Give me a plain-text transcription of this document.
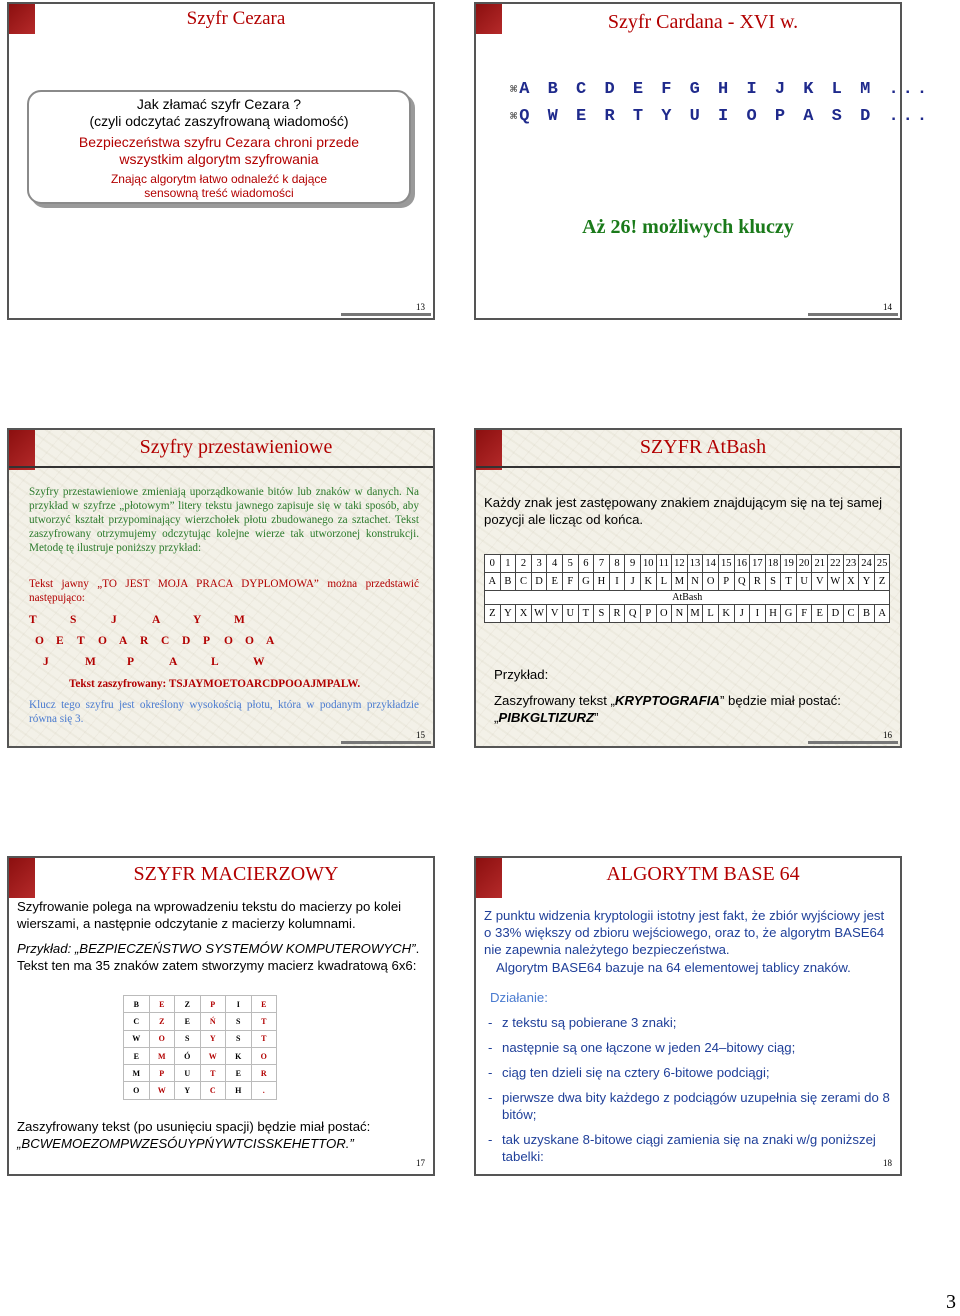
Szyfr Cezara
Jak złamać szyfr Cezara ?
(czyli odczytać zaszyfrowaną wiadomość)
Bezpieczeństwa szyfru Cezara chroni przede
wszystkim algorytm szyfrowania
Znając algorytm łatwo odnaleźć k dające
sensowną treść wiadomości
13
Szyfr Cardana - XVI w.
⌘ A B C D E F G H I J K L M ...
⌘ Q W E R T Y U I O P A S D ...
Aż 26! możliwych kluczy
14
Szyfry przestawieniowe
Szyfry przestawieniowe zmieniają uporządkowanie bitów lub znaków w danych. Na przykład w szyfrze „płotowym” litery tekstu jawnego zapisuje się w taki sposób, aby utworzyć kształt przypominający wierzchołek płotu zbudowanego za sztachet. Tekst zaszyfrowany otrzymujemy odczytując kolejne wierze tak utworzonej konstrukcji. Metodę tę ilustruje poniższy przykład:
Tekst jawny „TO JEST MOJA PRACA DYPLOMOWA” można przedstawić następująco:
T	S	J	A	Y	M
O E T O A R C D P O O A
J	M	P	A	L	W
Tekst zaszyfrowany: TSJAYMOETOARCDPOOAJMPALW.
Klucz tego szyfru jest określony wysokością płotu, która w podanym przykładzie równa się 3.
15
SZYFR AtBash
Każdy znak jest zastępowany znakiem znajdującym się na tej samej pozycji ale licząc od końca.
0	1	2	3	4	5	6	7	8	9	10	11	12	13	14	15	16	17	18	19	20	21	22	23	24	25
A	B	C	D	E	F	G	H	I	J	K	L	M	N	O	P	Q	R	S	T	U	V	W	X	Y	Z
AtBash																									
Z	Y	X	W	V	U	T	S	R	Q	P	O	N	M	L	K	J	I	H	G	F	E	D	C	B	A
Przykład:
Zaszyfrowany tekst „KRYPTOGRAFIA” będzie miał postać:
„PIBKGLTIZURZ”
16
SZYFR MACIERZOWY
Szyfrowanie polega na wprowadzeniu tekstu do macierzy po kolei wierszami, a następnie odczytanie z macierzy kolumnami.
Przykład: „BEZPIECZEŃSTWO SYSTEMÓW KOMPUTEROWYCH”. Tekst ten ma 35 znaków zatem stworzymy macierz kwadratową 6x6:
B	E	Z	P	I	E
C	Z	E	Ń	S	T
W	O	S	Y	S	T
E	M	Ó	W	K	O
M	P	U	T	E	R
O	W	Y	C	H	.
Zaszyfrowany tekst (po usunięciu spacji) będzie miał postać:
„BCWEMOEZOMPWZESÓUYPŃYWTCISSKEHETTOR.”
17
ALGORYTM BASE 64
Z punktu widzenia kryptologii istotny jest fakt, że zbiór wyjściowy jest o 33% większy od zbioru wejściowego, oraz to, że algorytm BASE64 nie zapewnia należytego bezpieczeństwa.
Algorytm BASE64 bazuje na 64 elementowej tablicy znaków.
Działanie:
- z tekstu są pobierane 3 znaki;
- następnie są one łączone w jeden 24–bitowy ciąg;
- ciąg ten dzieli się na cztery 6-bitowe podciągi;
- pierwsze dwa bity każdego z podciągów uzupełnia się zerami do 8 bitów;
- tak uzyskane 8-bitowe ciągi zamienia się na znaki w/g poniższej tabelki:	18
3
